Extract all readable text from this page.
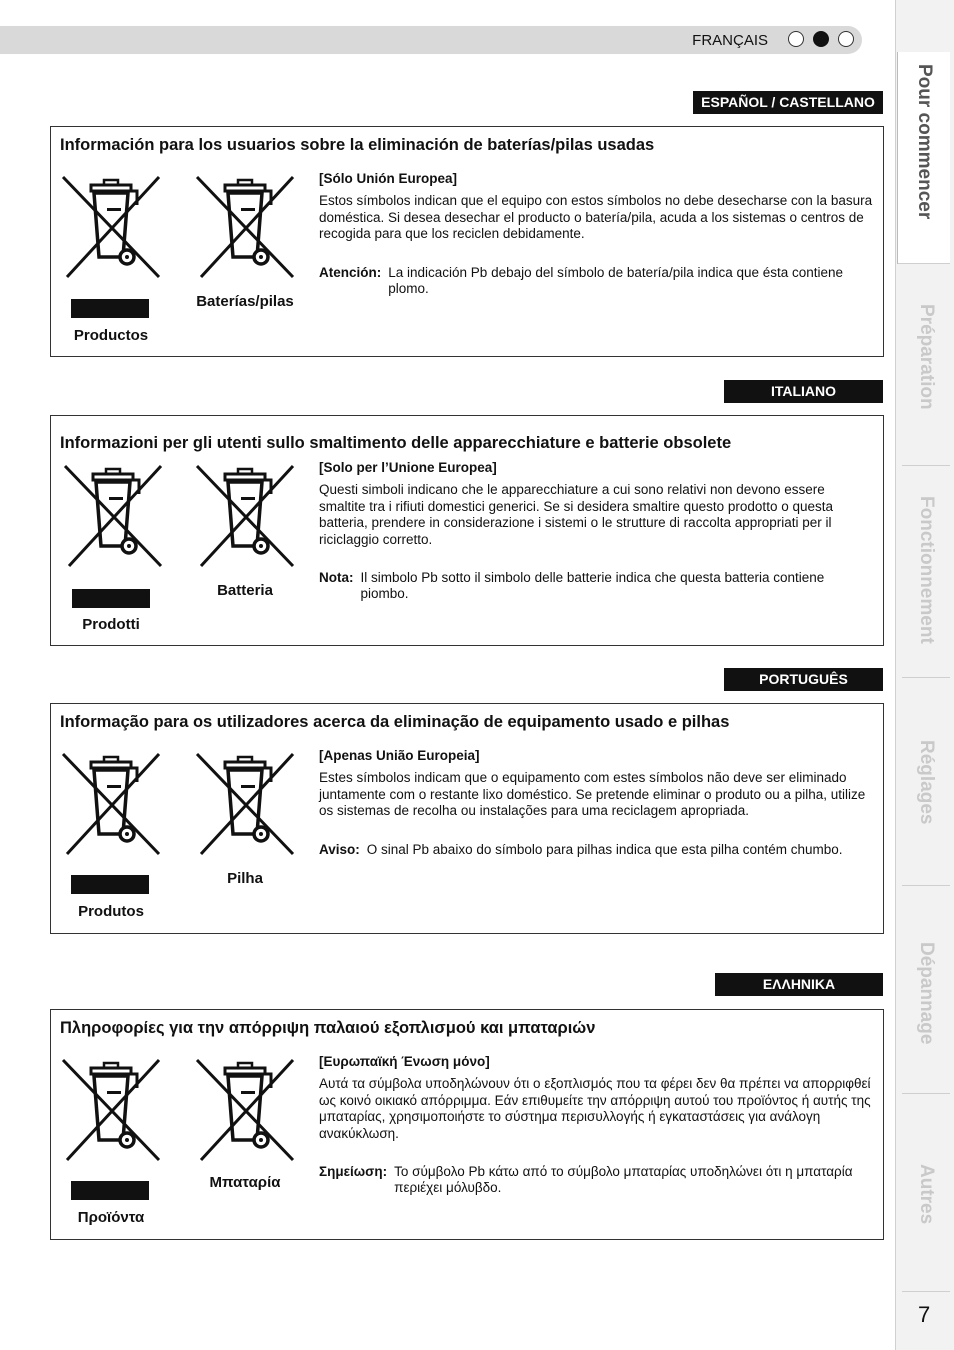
FRANÇAIS
Pour commencer
Préparation
Fonctionnement
Réglages
Dépannage
Autres
7
ESPAÑOL / CASTELLANO
Información para los usuarios sobre la eliminación de baterías/pilas usadas
Productos
Baterías/pilas
[Sólo Unión Europea]

Estos símbolos indican que el equipo con estos símbolos no debe desecharse con la basura doméstica. Si desea desechar el producto o batería/pila, acuda a los sistemas o centros de recogida para que los reciclen debidamente.

Atención: La indicación Pb debajo del símbolo de batería/pila indica que ésta contiene plomo.
ITALIANO
Informazioni per gli utenti sullo smaltimento delle apparecchiature e batterie obsolete
Prodotti
Batteria
[Solo per l’Unione Europea]

Questi simboli indicano che le apparecchiature a cui sono relativi non devono essere smaltite tra i rifiuti domestici generici. Se si desidera smaltire questo prodotto o questa batteria, prendere in considerazione i sistemi o le strutture di raccolta appropriati per il riciclaggio corretto.

Nota: Il simbolo Pb sotto il simbolo delle batterie indica che questa batteria contiene piombo.
PORTUGUÊS
Informação para os utilizadores acerca da eliminação de equipamento usado e pilhas
Produtos
Pilha
[Apenas União Europeia]

Estes símbolos indicam que o equipamento com estes símbolos não deve ser eliminado juntamente com o restante lixo doméstico. Se pretende eliminar o produto ou a pilha, utilize os sistemas de recolha ou instalações para uma reciclagem apropriada.

Aviso: O sinal Pb abaixo do símbolo para pilhas indica que esta pilha contém chumbo.
ΕΛΛΗΝΙΚΑ
Πληροφορίες για την απόρριψη παλαιού εξοπλισμού και μπαταριών
Προϊόντα
Μπαταρία
[Ευρωπαϊκή Ένωση μόνο]

Αυτά τα σύμβολα υποδηλώνουν ότι ο εξοπλισμός που τα φέρει δεν θα πρέπει να απορριφθεί ως κοινό οικιακό απόρριμμα. Εάν επιθυμείτε την απόρριψη αυτού του προϊόντος ή αυτής της μπαταρίας, χρησιμοποιήστε το σύστημα περισυλλογής ή εγκαταστάσεις για ανάλογη ανακύκλωση.

Σημείωση: Το σύμβολο Pb κάτω από το σύμβολο μπαταρίας υποδηλώνει ότι η μπαταρία περιέχει μόλυβδο.
